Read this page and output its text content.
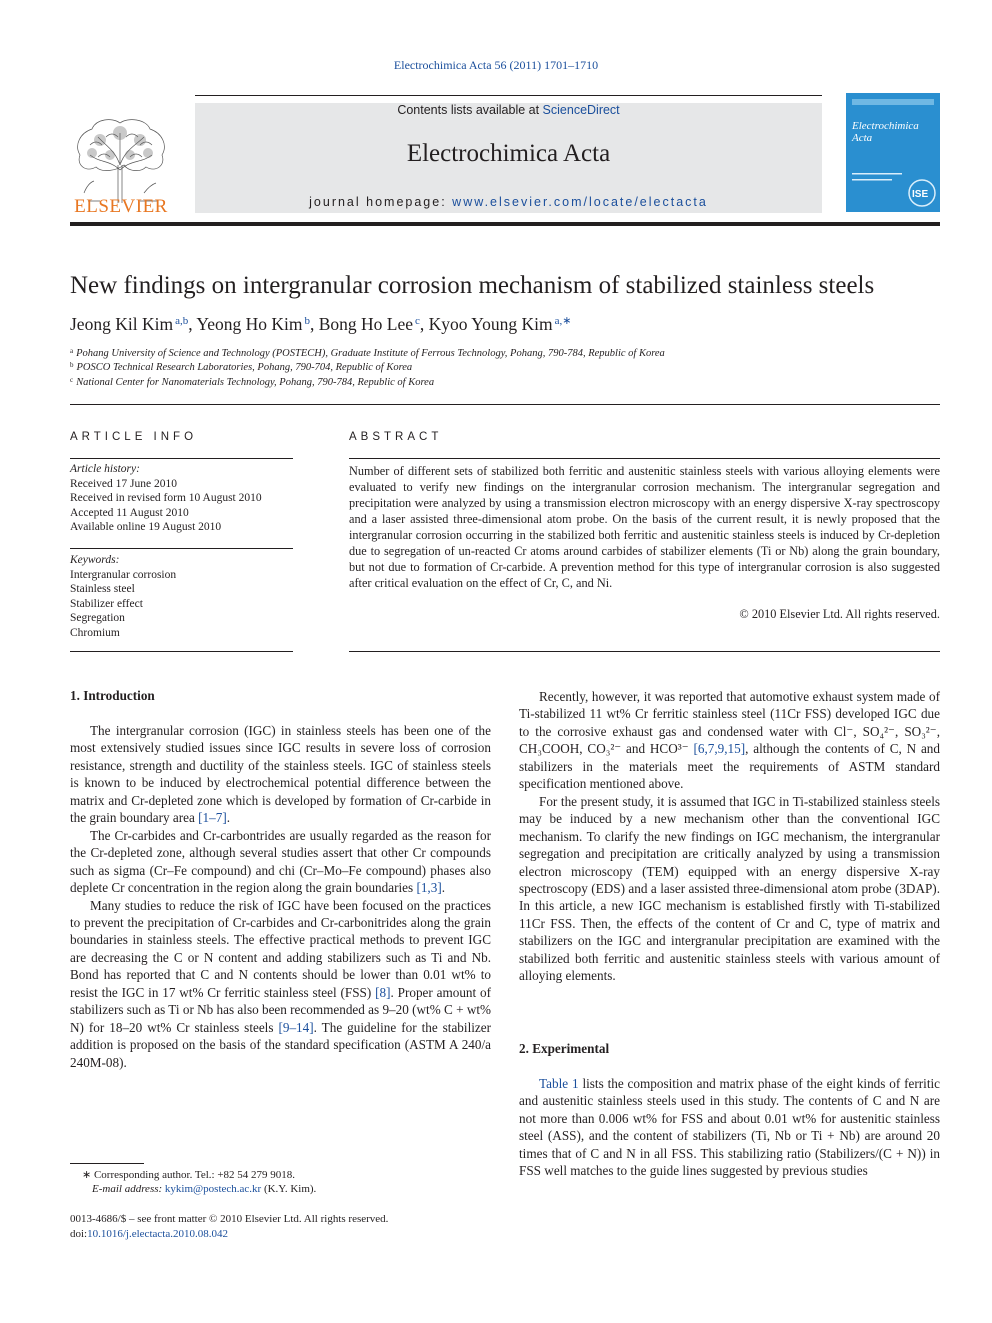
Electrochimica Acta 56 (2011) 1701–1710
ELSEVIER
Contents lists available at ScienceDirect
Electrochimica Acta
journal homepage: www.elsevier.com/locate/electacta
ISE
Electrochimica Acta
New findings on intergranular corrosion mechanism of stabilized stainless steels
Jeong Kil Kim $^{a,b}$, Yeong Ho Kim $^b$, Bong Ho Lee $^c$, Kyoo Young Kim $^{a,∗}$
$^a$ Pohang University of Science and Technology (POSTECH), Graduate Institute of Ferrous Technology, Pohang, 790-784, Republic of Korea
$^b$ POSCO Technical Research Laboratories, Pohang, 790-704, Republic of Korea
$^c$ National Center for Nanomaterials Technology, Pohang, 790-784, Republic of Korea
ARTICLE INFO
Article history:
Received 17 June 2010
Received in revised form 10 August 2010
Accepted 11 August 2010
Available online 19 August 2010
Keywords:
Intergranular corrosion
Stainless steel
Stabilizer effect
Segregation
Chromium
ABSTRACT
Number of different sets of stabilized both ferritic and austenitic stainless steels with various alloying elements were evaluated to verify new findings on the intergranular corrosion mechanism. The intergranular segregation and precipitation were analyzed by using a transmission electron microscopy with an energy dispersive X-ray spectroscopy and a laser assisted three-dimensional atom probe. On the basis of the current result, it is newly proposed that the intergranular corrosion occurring in the stabilized both ferritic and austenitic stainless steels is induced by Cr-depletion due to segregation of un-reacted Cr atoms around carbides of stabilizer elements (Ti or Nb) along the grain boundary, but not due to formation of Cr-carbide. A prevention method for this type of intergranular corrosion is also suggested after critical evaluation on the effect of Cr, C, and Ni.
© 2010 Elsevier Ltd. All rights reserved.
1. Introduction

The intergranular corrosion (IGC) in stainless steels has been one of the most extensively studied issues since IGC results in severe loss of corrosion resistance, strength and ductility of the stainless steels. IGC of stainless steels is known to be induced by electrochemical potential difference between the matrix and Cr-depleted zone which is developed by formation of Cr-carbide in the grain boundary area [1–7].

The Cr-carbides and Cr-carbontrides are usually regarded as the reason for the Cr-depleted zone, although several studies assert that other Cr compounds such as sigma (Cr–Fe compound) and chi (Cr–Mo–Fe compound) phases also deplete Cr concentration in the region along the grain boundaries [1,3].

Many studies to reduce the risk of IGC have been focused on the practices to prevent the precipitation of Cr-carbides and Cr-carbonitrides along the grain boundaries in stainless steels. The effective practical methods to prevent IGC are decreasing the C or N content and adding stabilizers such as Ti and Nb. Bond has reported that C and N contents should be lower than 0.01 wt% to resist the IGC in 17 wt% Cr ferritic stainless steel (FSS) [8]. Proper amount of stabilizers such as Ti or Nb has also been recommended as 9–20 (wt% C + wt% N) for 18–20 wt% Cr stainless steels [9–14]. The guideline for the stabilizer addition is proposed on the basis of the standard specification (ASTM A 240/a 240M-08).

Recently, however, it was reported that automotive exhaust system made of Ti-stabilized 11 wt% Cr ferritic stainless steel (11Cr FSS) developed IGC due to the corrosive exhaust gas and condensed water with Cl⁻, SO₄²⁻, SO₃²⁻, CH₃COOH, CO₃²⁻ and HCO³⁻ [6,7,9,15], although the contents of C, N and stabilizers in the materials meet the requirements of ASTM standard specification mentioned above.

For the present study, it is assumed that IGC in Ti-stabilized stainless steels may be induced by a new mechanism other than the conventional IGC mechanism. To clarify the new findings on IGC mechanism, the intergranular segregation and precipitation are critically analyzed by using a transmission electron microscopy (TEM) equipped with an energy dispersive X-ray spectroscopy (EDS) and a laser assisted three-dimensional atom probe (3DAP). In this article, a new IGC mechanism is established firstly with Ti-stabilized 11Cr FSS. Then, the effects of the content of Cr and C, type of matrix and stabilizers on the IGC and intergranular precipitation are examined with the stabilized both ferritic and austenitic stainless steels with various amount of alloying elements.

2. Experimental

Table 1 lists the composition and matrix phase of the eight kinds of ferritic and austenitic stainless steels used in this study. The contents of C and N are not more than 0.006 wt% for FSS and about 0.01 wt% for austenitic stainless steel (ASS), and the content of stabilizers (Ti, Nb or Ti + Nb) are around 20 times that of C and N in all FSS. This stabilizing ratio (Stabilizers/(C + N)) in FSS well matches to the guide lines suggested by previous studies

∗ Corresponding author. Tel.: +82 54 279 9018.
E-mail address: kykim@postech.ac.kr (K.Y. Kim).
0013-4686/$ – see front matter © 2010 Elsevier Ltd. All rights reserved.
doi:10.1016/j.electacta.2010.08.042
